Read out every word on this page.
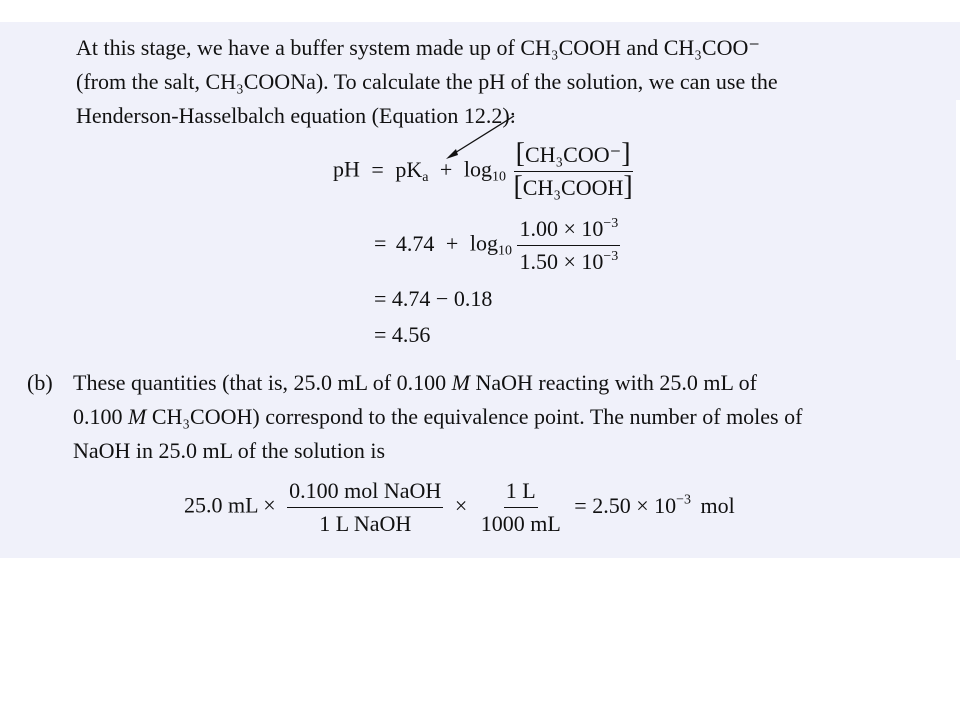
At this stage, we have a buffer system made up of CH₃COOH and CH₃COO⁻
(from the salt, CH₃COONa). To calculate the pH of the solution, we can use the
Henderson-Hasselbalch equation (Equation 12.2):
pH = $pK_a + \log_{10} \frac{\text{[CH₃COO⁻]}}{\text{[CH₃COOH]}}$
= $4.74 + \log_{10} \frac{1.00 \times 10^{-3}}{1.50 \times 10^{-3}}$
= 4.74 − 0.18
= 4.56
(b) These quantities (that is, 25.0 mL of 0.100 M NaOH reacting with 25.0 mL of
0.100 M CH₃COOH) correspond to the equivalence point. The number of moles of
NaOH in 25.0 mL of the solution is
25.0 mL × $\frac{\text{0.100 mol NaOH}}{\text{1 L NaOH}} \times \frac{1 L}{1000 mL} = 2.50 \times 10^{-3}$ mol
